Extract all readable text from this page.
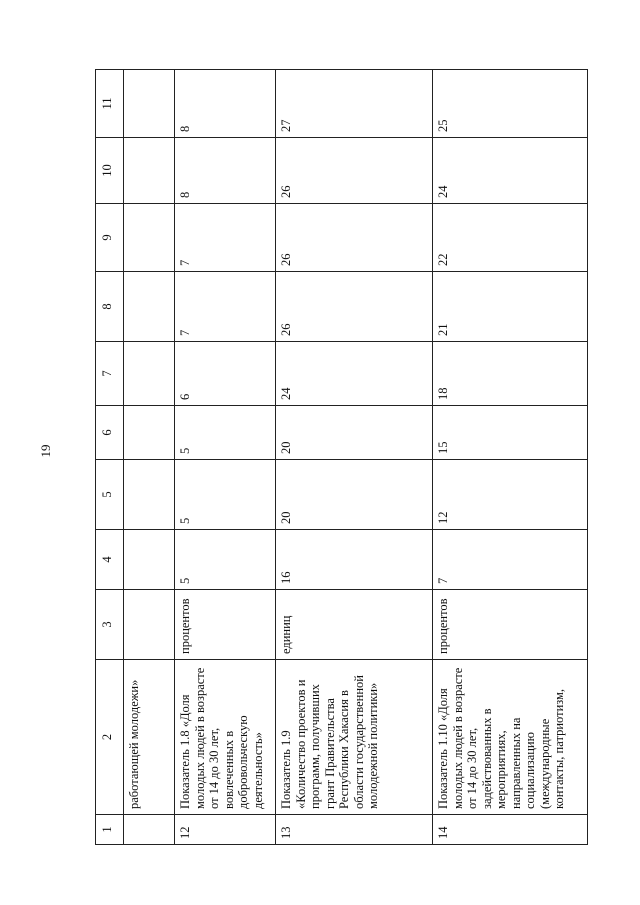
19
1	2	3	4	5	6	7	8	9	10	11
	работающей молодежи»									
12	Показатель 1.8 «Доля молодых людей в возрасте от 14 до 30 лет, вовлеченных в добровольческую деятельность»	процентов	5	5	5	6	7	7	8	8
13	Показатель 1.9 «Количество проектов и программ, получивших грант Правительства Республики Хакасия в области государственной молодежной политики»	единиц	16	20	20	24	26	26	26	27
14	Показатель 1.10 «Доля молодых людей в возрасте от 14 до 30 лет, задействованных в мероприятиях, направленных на социализацию (международные контакты, патриотизм,	процентов	7	12	15	18	21	22	24	25
